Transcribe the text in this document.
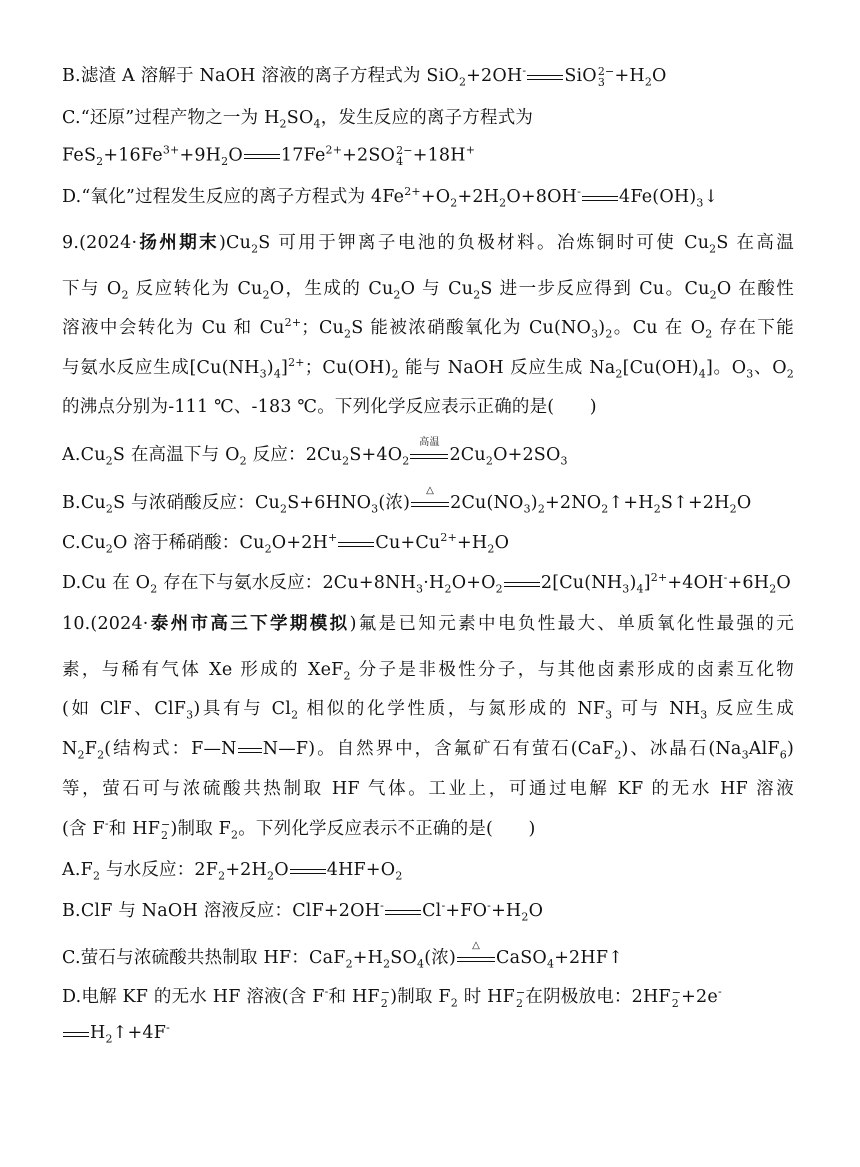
B.滤渣 A 溶解于 NaOH 溶液的离子方程式为 SiO$_2$+2OH- SiO 2−
$3 +H_2O$
C.“还原”过程产物之一为 $H_2SO_4$，发生反应的离子方程式为
$FeS_2+16Fe^{3+}+9H_2O$ $17Fe^{2+}+2SO$ 2−
4 +18H+
D.“氧化”过程发生反应的离子方程式为 $4Fe^{2+}+O_2+2H_2O+8OH^-$ $4Fe(OH)_3↓$
9.(2024·扬州期末)$Cu_2S$ 可用于钾离子电池的负极材料。冶炼铜时可使 $Cu_2S$ 在高温
下与 $O_2$ 反应转化为 $Cu_2O$，生成的 $Cu_2O$ 与 $Cu_2S$ 进一步反应得到 Cu。$Cu_2O$ 在酸性
溶液中会转化为 Cu 和 $Cu^{2+}$；$Cu_2S$ 能被浓硝酸氧化为 $Cu(NO_3)_2$。Cu 在 $O_2$ 存在下能
与氨水反应生成$[Cu(NH_3)_4]^{2+}$；$Cu(OH)_2$ 能与 NaOH 反应生成 $Na_2[Cu(OH)_4]$。$O_3$、$O_2$
的沸点分别为-111 ℃、-183 ℃。下列化学反应表示正确的是(　　)
$A.Cu_2S$ 在高温下与 $O_2$ 反应：$2Cu_2S+4O_2$
高温
$2Cu_2O+2SO_3$
$B.Cu_2S$ 与浓硝酸反应：$Cu_2S+6HNO_3$(浓)
△
$2Cu(NO_3)_2+2NO_2↑+H_2S↑+2H_2O$
$C.Cu_2O$ 溶于稀硝酸：$Cu_2O+2H^+$ $Cu+Cu^{2+}+H_2O$
D.Cu 在 $O_2$ 存在下与氨水反应：$2Cu+8NH_3\cdot H_2O+O_2$ $2[Cu(NH_3)_4]^{2+}+4OH^-+6H_2O$
10.(2024·泰州市高三下学期模拟)氟是已知元素中电负性最大、单质氧化性最强的元
素，与稀有气体 Xe 形成的 XeF$_2$ 分子是非极性分子，与其他卤素形成的卤素互化物
(如 ClF、ClF$_3$)具有与 $Cl_2$ 相似的化学性质，与氮形成的 $NF_3$ 可与 $NH_3$ 反应生成
$N_2F_2$(结构式：F—N N—F)。自然界中，含氟矿石有萤石(CaF$_2$)、冰晶石$(Na_3AlF_6)$
等，萤石可与浓硫酸共热制取 HF 气体。工业上，可通过电解 KF 的无水 HF 溶液
(含 F-和 HF −
2 )制取 $F_2$。下列化学反应表示不正确的是(　　)
$A.F_2$ 与水反应：$2F_2+2H_2O$ $4HF+O_2$
B.ClF 与 NaOH 溶液反应：ClF+2OH- $Cl^-+FO^-+H_2O$
C.萤石与浓硫酸共热制取 HF：$CaF_2+H_2SO_4$(浓)
△
CaSO$_4$+2HF↑
D.电解 KF 的无水 HF 溶液(含 F-和 HF −
2 )制取 $F_2$ 时 HF −
2 在阴极放电：2HF −
2 +2e-
$H_2↑+4F^-$
